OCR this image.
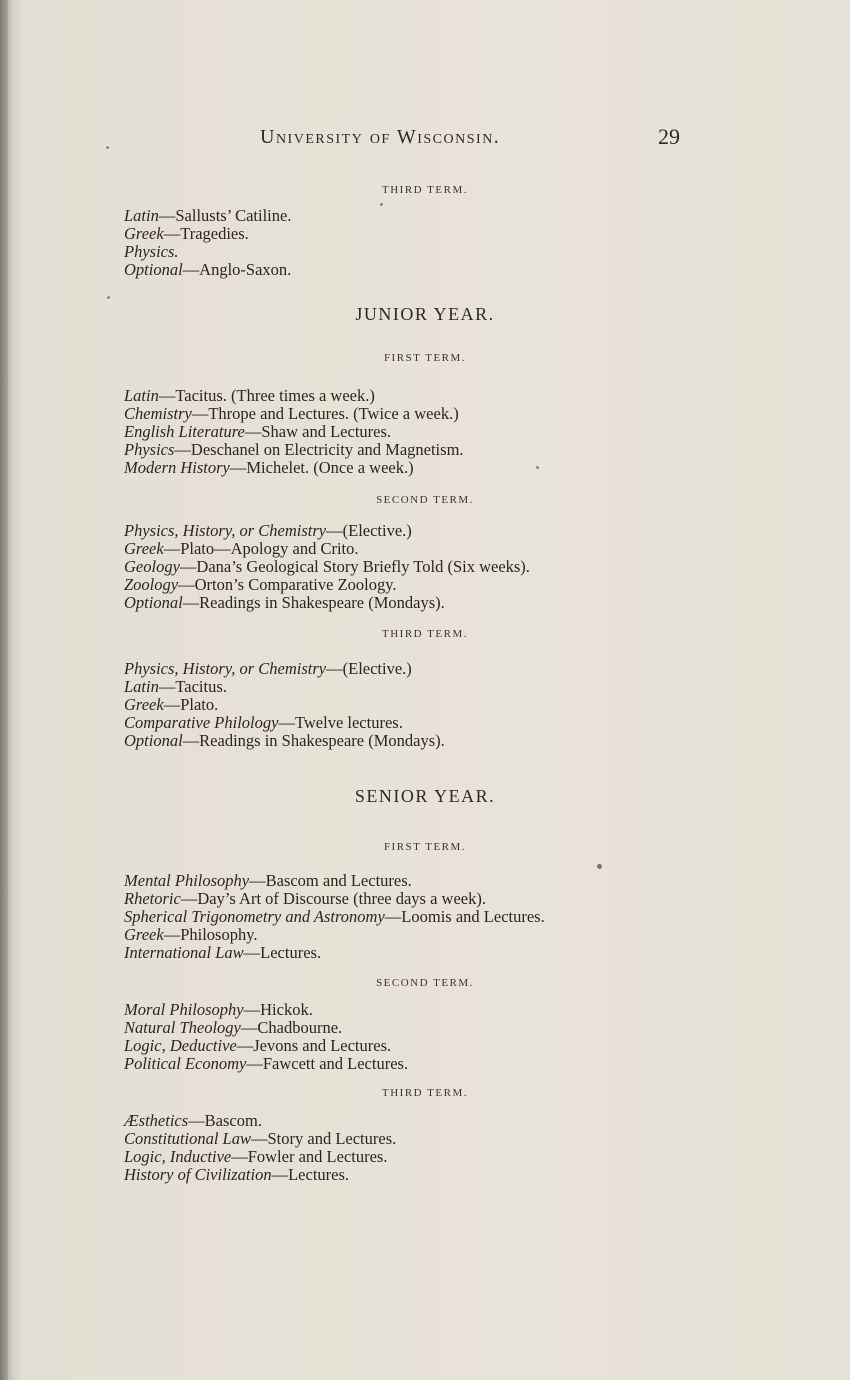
University of Wisconsin.	29
THIRD TERM.
Latin—Sallusts’ Catiline.
Greek—Tragedies.
Physics.
Optional—Anglo-Saxon.
JUNIOR YEAR.
FIRST TERM.
Latin—Tacitus. (Three times a week.)
Chemistry—Thrope and Lectures. (Twice a week.)
English Literature—Shaw and Lectures.
Physics—Deschanel on Electricity and Magnetism.
Modern History—Michelet. (Once a week.)
SECOND TERM.
Physics, History, or Chemistry—(Elective.)
Greek—Plato—Apology and Crito.
Geology—Dana’s Geological Story Briefly Told (Six weeks).
Zoology—Orton’s Comparative Zoology.
Optional—Readings in Shakespeare (Mondays).
THIRD TERM.
Physics, History, or Chemistry—(Elective.)
Latin—Tacitus.
Greek—Plato.
Comparative Philology—Twelve lectures.
Optional—Readings in Shakespeare (Mondays).
SENIOR YEAR.
FIRST TERM.
Mental Philosophy—Bascom and Lectures.
Rhetoric—Day’s Art of Discourse (three days a week).
Spherical Trigonometry and Astronomy—Loomis and Lectures.
Greek—Philosophy.
International Law—Lectures.
SECOND TERM.
Moral Philosophy—Hickok.
Natural Theology—Chadbourne.
Logic, Deductive—Jevons and Lectures.
Political Economy—Fawcett and Lectures.
THIRD TERM.
Æsthetics—Bascom.
Constitutional Law—Story and Lectures.
Logic, Inductive—Fowler and Lectures.
History of Civilization—Lectures.
